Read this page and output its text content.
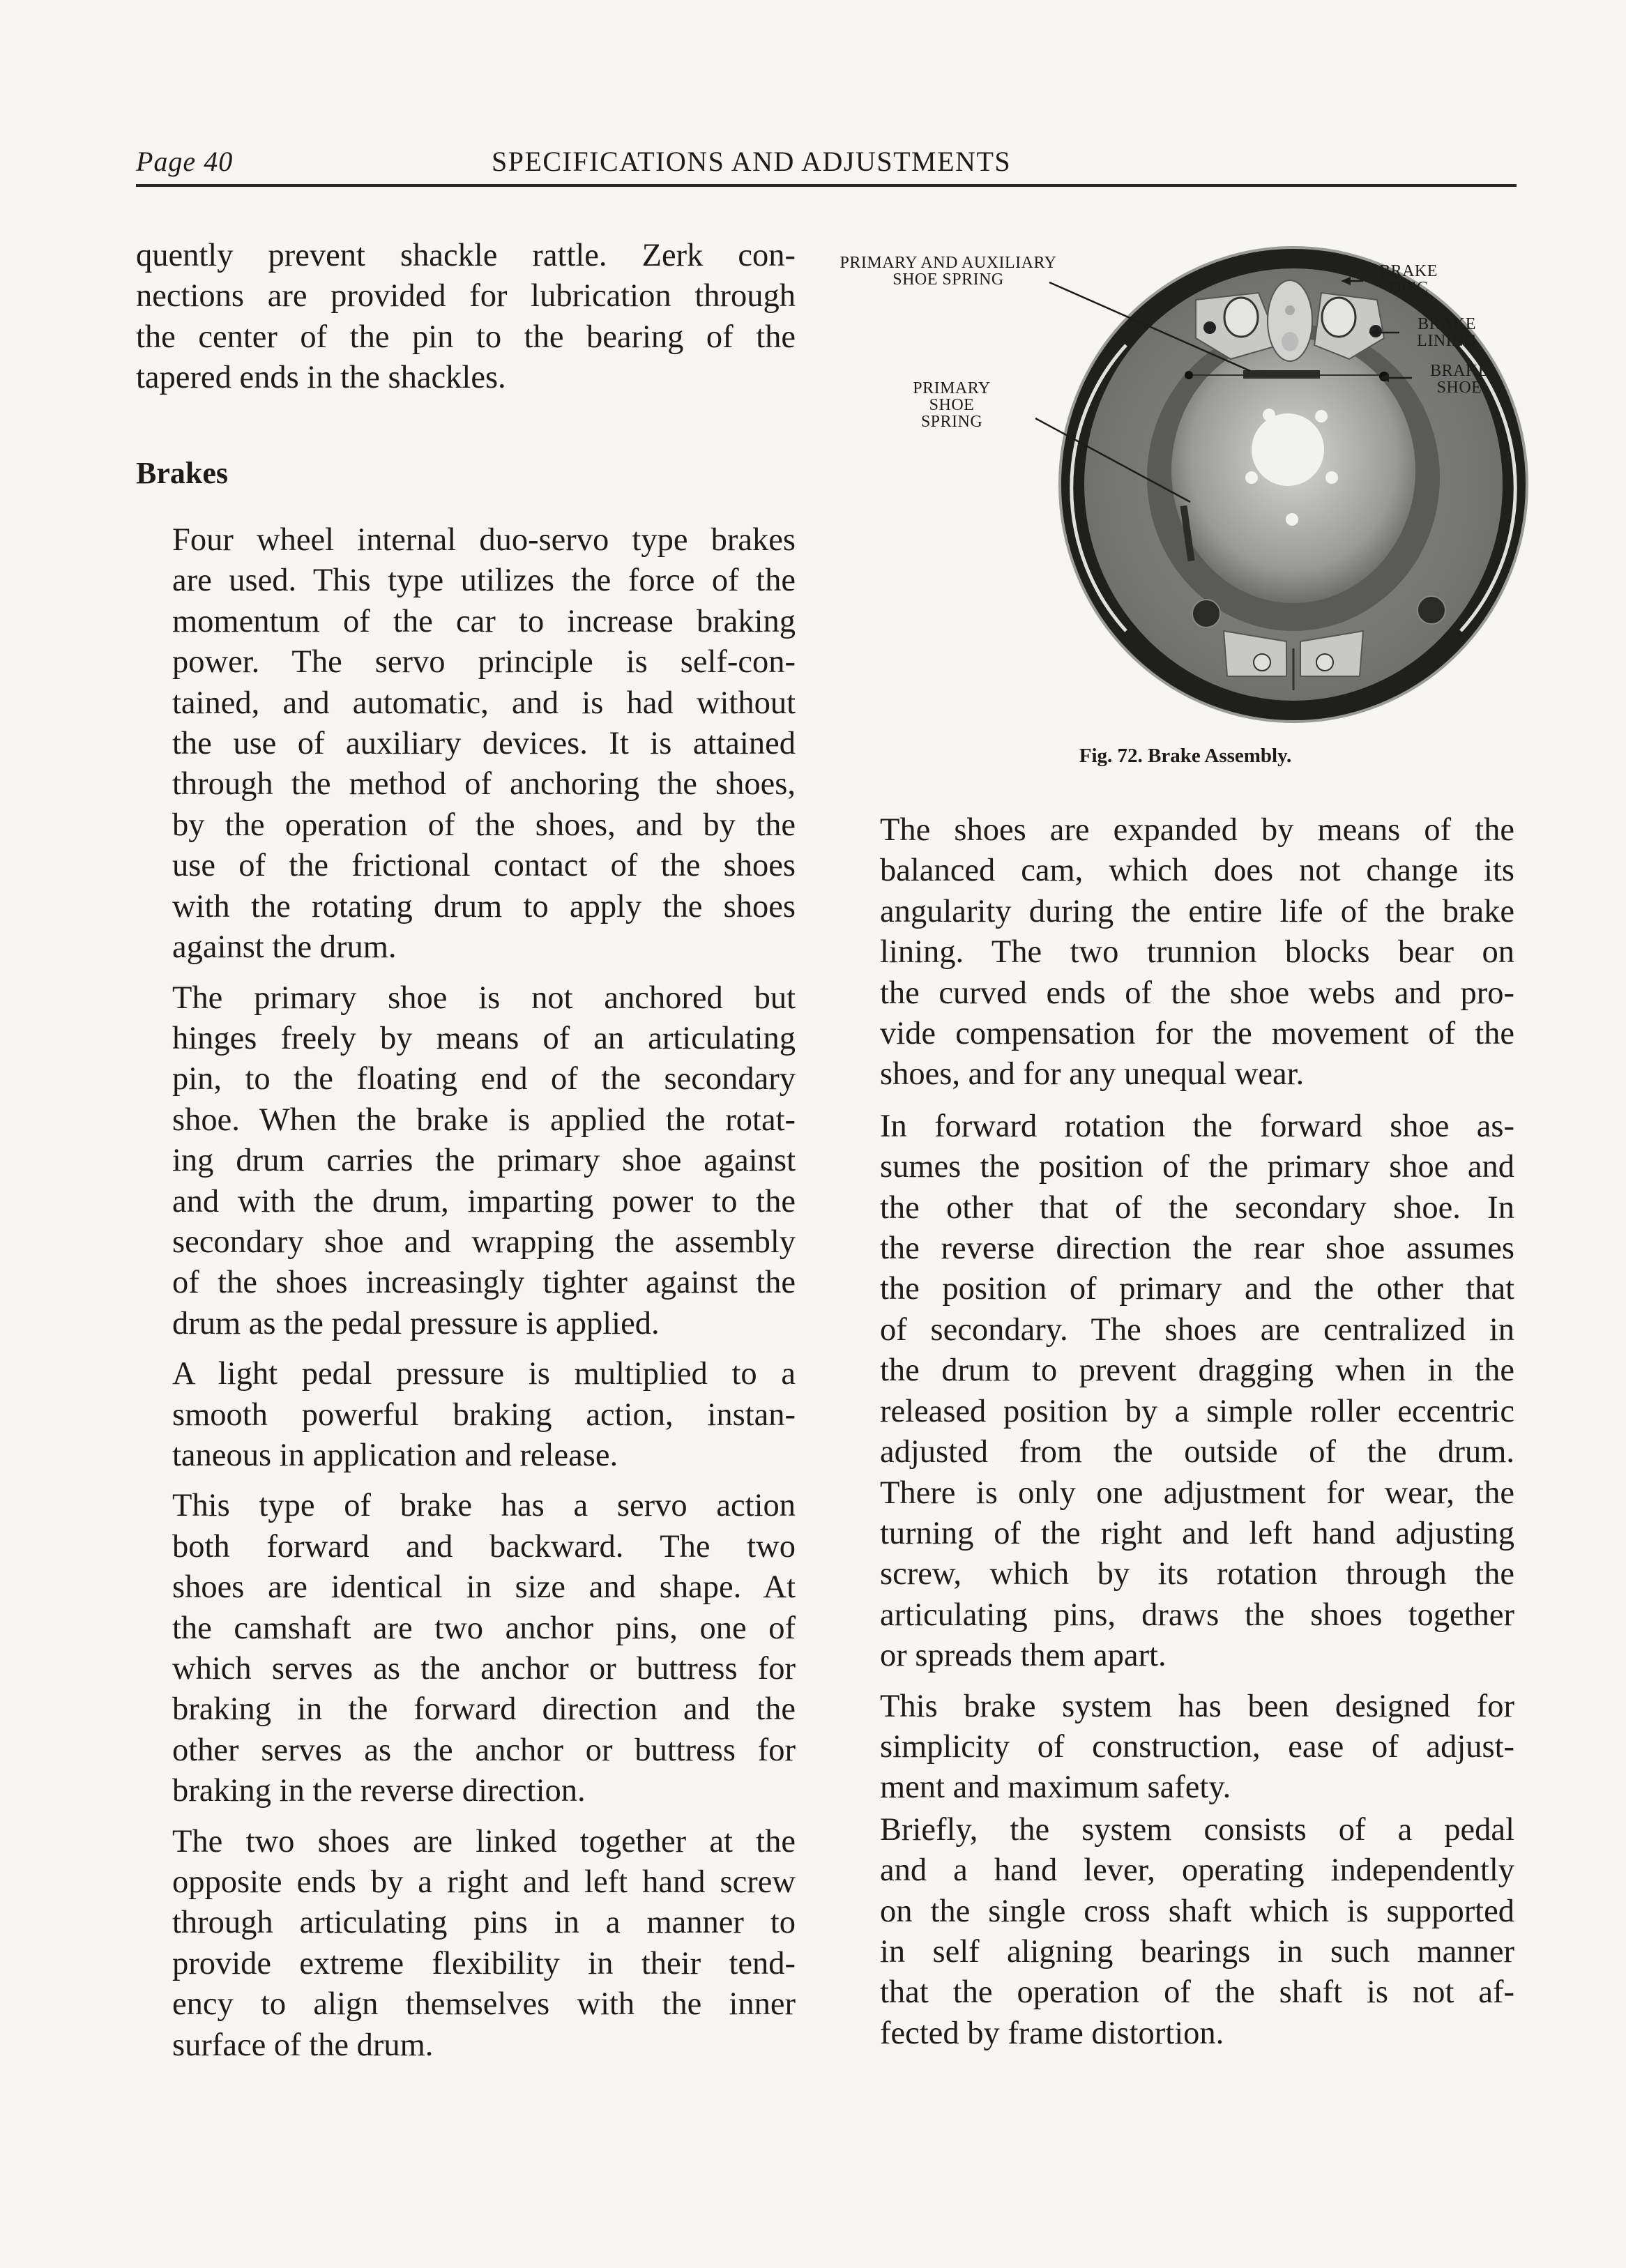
Page 40	SPECIFICATIONS AND ADJUSTMENTS

quently prevent shackle rattle. Zerk con-
nections are provided for lubrication through
the center of the pin to the bearing of the
tapered ends in the shackles.

Brakes

Four wheel internal duo-servo type brakes
are used. This type utilizes the force of the
momentum of the car to increase braking
power. The servo principle is self-con-
tained, and automatic, and is had without
the use of auxiliary devices. It is attained
through the method of anchoring the shoes,
by the operation of the shoes, and by the
use of the frictional contact of the shoes
with the rotating drum to apply the shoes
against the drum.

The primary shoe is not anchored but
hinges freely by means of an articulating
pin, to the floating end of the secondary
shoe. When the brake is applied the rotat-
ing drum carries the primary shoe against
and with the drum, imparting power to the
secondary shoe and wrapping the assembly
of the shoes increasingly tighter against the
drum as the pedal pressure is applied.

A light pedal pressure is multiplied to a
smooth powerful braking action, instan-
taneous in application and release.

This type of brake has a servo action
both forward and backward. The two
shoes are identical in size and shape. At
the camshaft are two anchor pins, one of
which serves as the anchor or buttress for
braking in the forward direction and the
other serves as the anchor or buttress for
braking in the reverse direction.

The two shoes are linked together at the
opposite ends by a right and left hand screw
through articulating pins in a manner to
provide extreme flexibility in their tend-
ency to align themselves with the inner
surface of the drum.

PRIMARY AND AUXILIARY
SHOE SPRING
PRIMARY
SHOE
SPRING
BRAKE
DISC
BRAKE
LINING
BRAKE
SHOE
Fig. 72. Brake Assembly.

The shoes are expanded by means of the
balanced cam, which does not change its
angularity during the entire life of the brake
lining. The two trunnion blocks bear on
the curved ends of the shoe webs and pro-
vide compensation for the movement of the
shoes, and for any unequal wear.

In forward rotation the forward shoe as-
sumes the position of the primary shoe and
the other that of the secondary shoe. In
the reverse direction the rear shoe assumes
the position of primary and the other that
of secondary. The shoes are centralized in
the drum to prevent dragging when in the
released position by a simple roller eccentric
adjusted from the outside of the drum.
There is only one adjustment for wear, the
turning of the right and left hand adjusting
screw, which by its rotation through the
articulating pins, draws the shoes together
or spreads them apart.

This brake system has been designed for
simplicity of construction, ease of adjust-
ment and maximum safety.

Briefly, the system consists of a pedal
and a hand lever, operating independently
on the single cross shaft which is supported
in self aligning bearings in such manner
that the operation of the shaft is not af-
fected by frame distortion.
